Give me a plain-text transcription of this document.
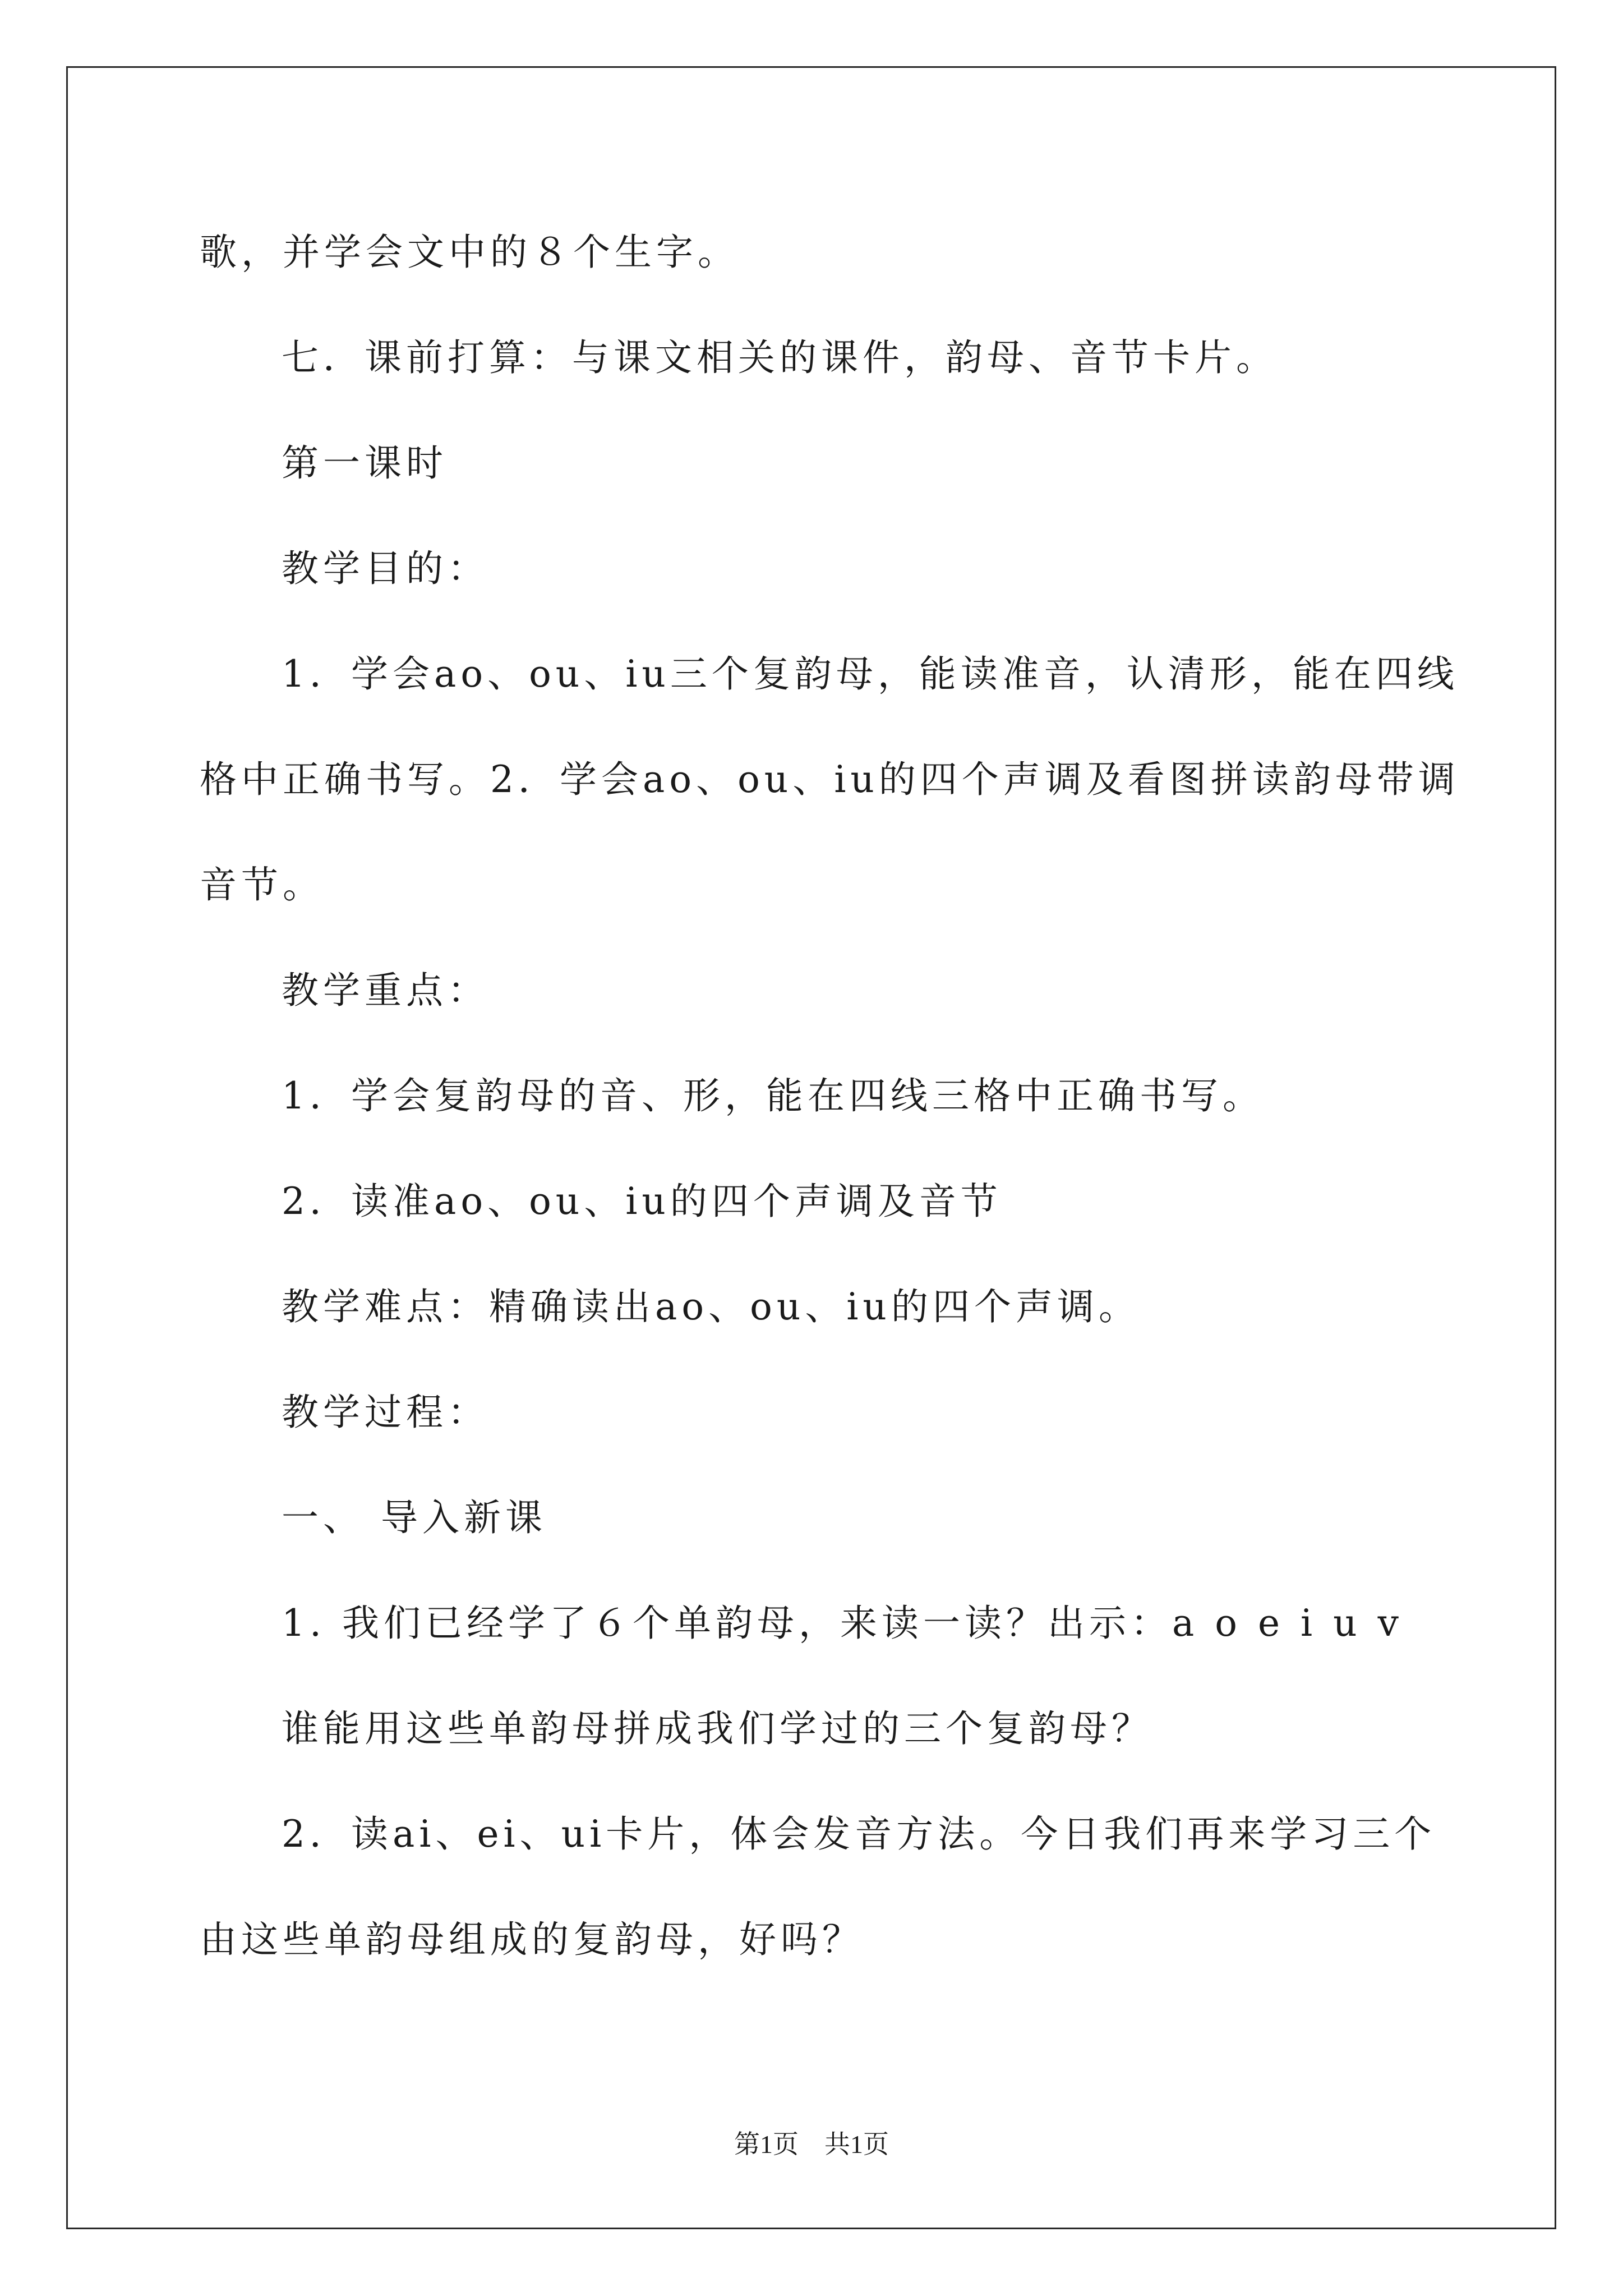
歌，并学会文中的８个生字。
七．课前打算：与课文相关的课件，韵母、音节卡片。
第一课时
教学目的：
1．学会ao、ou、iu三个复韵母，能读准音，认清形，能在四线
格中正确书写。2．学会ao、ou、iu的四个声调及看图拼读韵母带调
音节。
教学重点：
1．学会复韵母的音、形，能在四线三格中正确书写。
2．读准ao、ou、iu的四个声调及音节
教学难点：精确读出ao、ou、iu的四个声调。
教学过程：
一、 导入新课
1. 我们已经学了６个单韵母，来读一读？出示：a o e i u v
谁能用这些单韵母拼成我们学过的三个复韵母？
2．读ai、ei、ui卡片，体会发音方法。今日我们再来学习三个
由这些单韵母组成的复韵母，好吗？
第1页　共1页
